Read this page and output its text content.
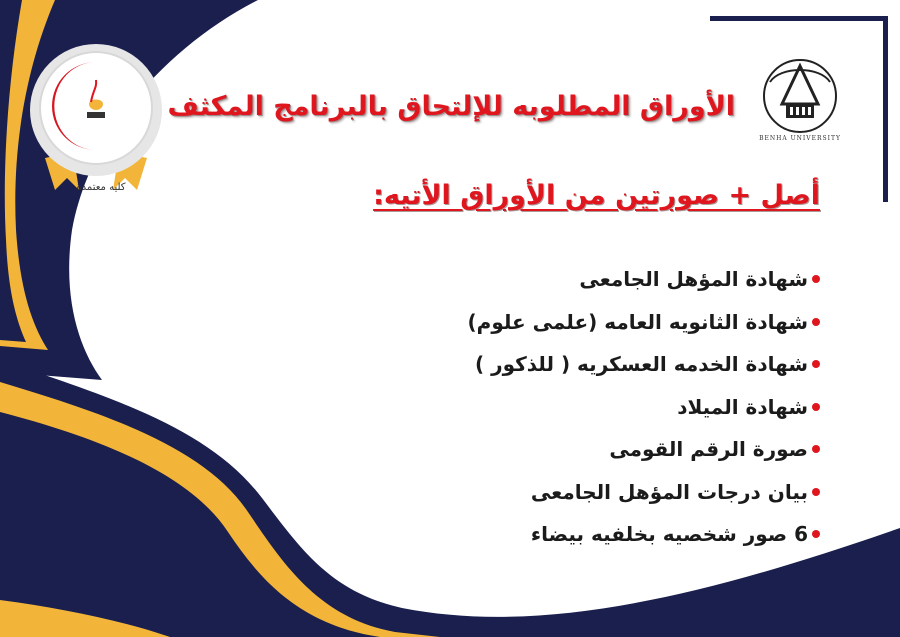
BENHA UNIVERSITY
كليه معتمدة
الأوراق المطلوبه للإلتحاق بالبرنامج المكثف
أصل + صورتين من الأوراق الأتيه:
شهادة المؤهل الجامعى
شهادة الثانويه العامه (علمى علوم)
شهادة الخدمه العسكريه ( للذكور )
شهادة الميلاد
صورة الرقم القومى
بيان درجات المؤهل الجامعى
6 صور شخصيه بخلفيه بيضاء
